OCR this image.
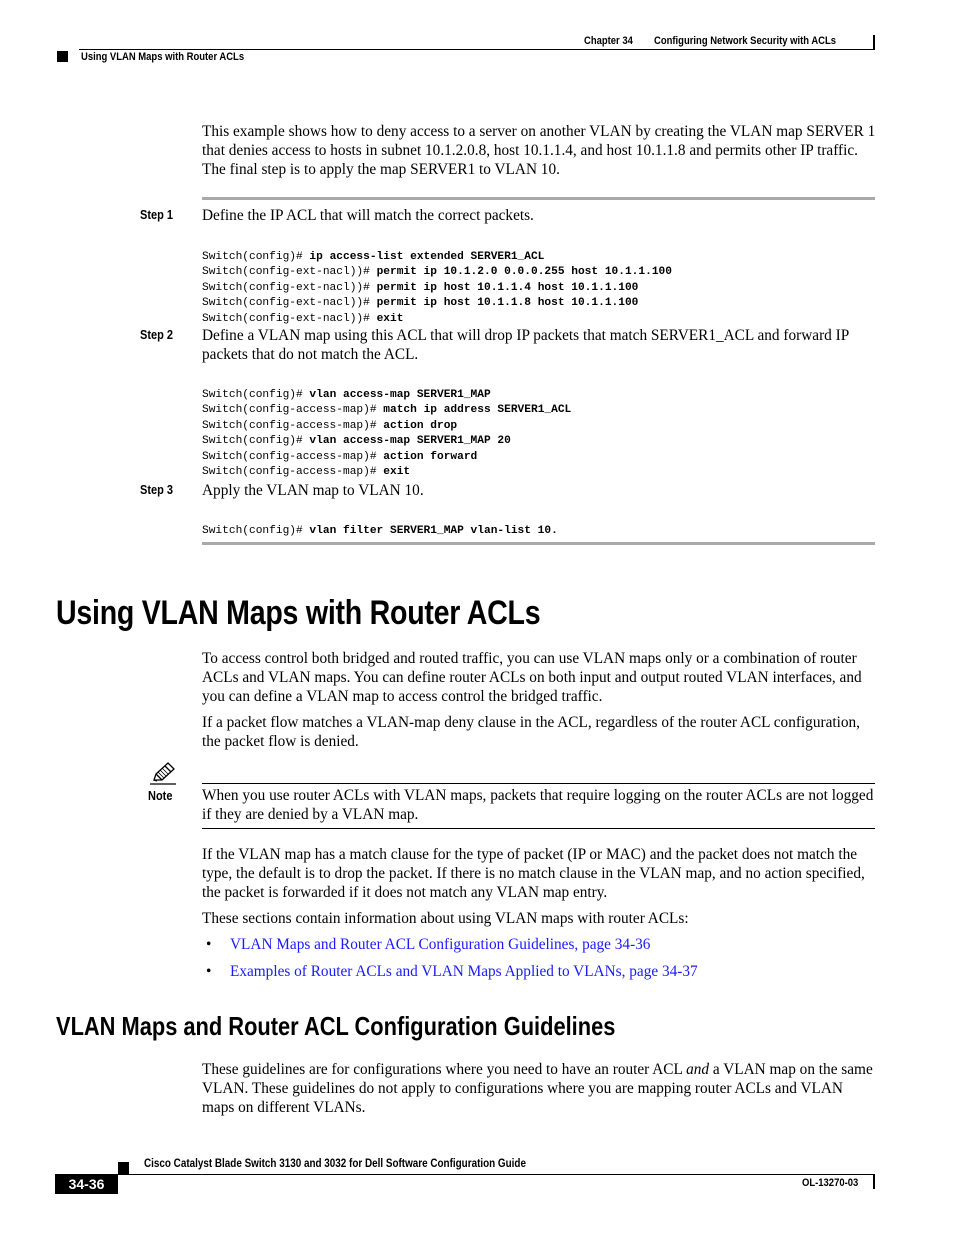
Chapter 34 Configuring Network Security with ACLs
Using VLAN Maps with Router ACLs
This example shows how to deny access to a server on another VLAN by creating the VLAN map SERVER 1 that denies access to hosts in subnet 10.1.2.0.8, host 10.1.1.4, and host 10.1.1.8 and permits other IP traffic. The final step is to apply the map SERVER1 to VLAN 10.
Step 1 Define the IP ACL that will match the correct packets.

Switch(config)# ip access-list extended SERVER1_ACL
Switch(config-ext-nacl))# permit ip 10.1.2.0 0.0.0.255 host 10.1.1.100
Switch(config-ext-nacl))# permit ip host 10.1.1.4 host 10.1.1.100
Switch(config-ext-nacl))# permit ip host 10.1.1.8 host 10.1.1.100
Switch(config-ext-nacl))# exit

Step 2 Define a VLAN map using this ACL that will drop IP packets that match SERVER1_ACL and forward IP packets that do not match the ACL.

Switch(config)# vlan access-map SERVER1_MAP
Switch(config-access-map)# match ip address SERVER1_ACL
Switch(config-access-map)# action drop
Switch(config)# vlan access-map SERVER1_MAP 20
Switch(config-access-map)# action forward
Switch(config-access-map)# exit

Step 3 Apply the VLAN map to VLAN 10.

Switch(config)# vlan filter SERVER1_MAP vlan-list 10.

Using VLAN Maps with Router ACLs
To access control both bridged and routed traffic, you can use VLAN maps only or a combination of router ACLs and VLAN maps. You can define router ACLs on both input and output routed VLAN interfaces, and you can define a VLAN map to access control the bridged traffic.
If a packet flow matches a VLAN-map deny clause in the ACL, regardless of the router ACL configuration, the packet flow is denied.
Note When you use router ACLs with VLAN maps, packets that require logging on the router ACLs are not logged if they are denied by a VLAN map.
If the VLAN map has a match clause for the type of packet (IP or MAC) and the packet does not match the type, the default is to drop the packet. If there is no match clause in the VLAN map, and no action specified, the packet is forwarded if it does not match any VLAN map entry.
These sections contain information about using VLAN maps with router ACLs:
• VLAN Maps and Router ACL Configuration Guidelines, page 34-36
• Examples of Router ACLs and VLAN Maps Applied to VLANs, page 34-37
VLAN Maps and Router ACL Configuration Guidelines
These guidelines are for configurations where you need to have an router ACL and a VLAN map on the same VLAN. These guidelines do not apply to configurations where you are mapping router ACLs and VLAN maps on different VLANs.
Cisco Catalyst Blade Switch 3130 and 3032 for Dell Software Configuration Guide
34-36	OL-13270-03
